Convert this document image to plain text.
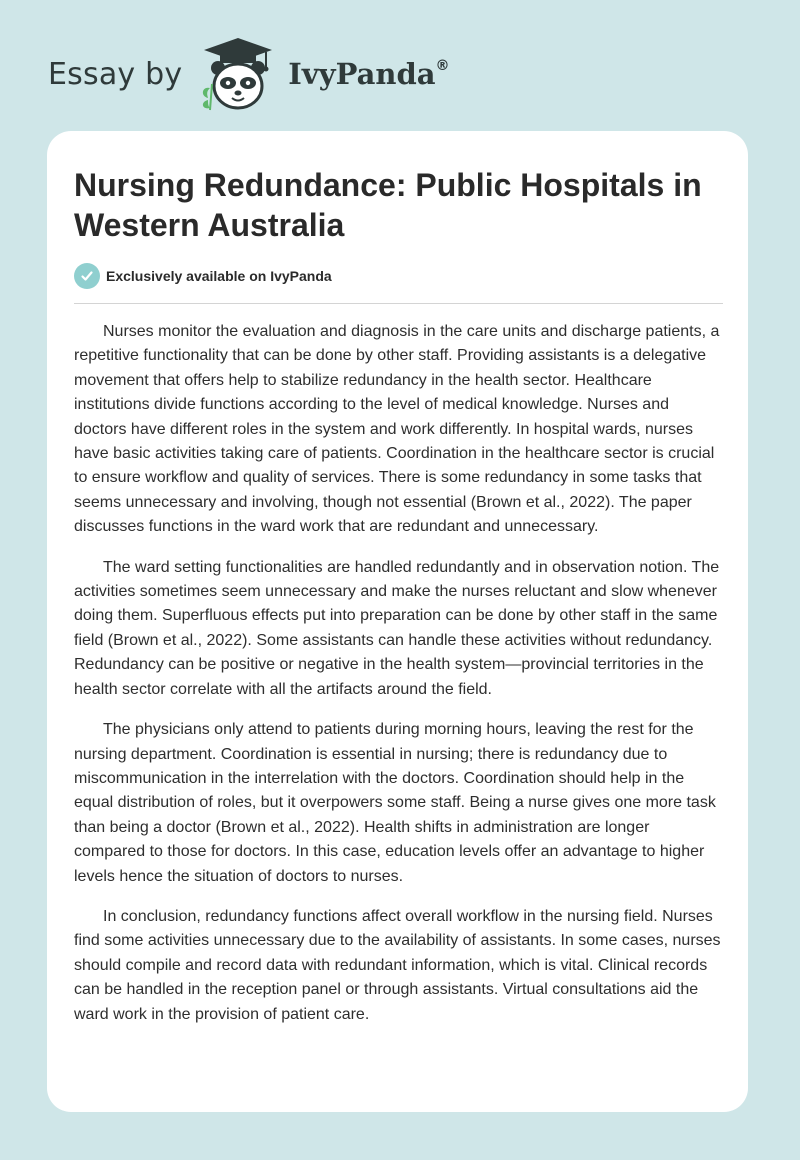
Essay by	IvyPanda®
Nursing Redundance: Public Hospitals in Western Australia
Exclusively available on IvyPanda

Nurses monitor the evaluation and diagnosis in the care units and discharge patients, a repetitive functionality that can be done by other staff. Providing assistants is a delegative movement that offers help to stabilize redundancy in the health sector. Healthcare institutions divide functions according to the level of medical knowledge. Nurses and doctors have different roles in the system and work differently. In hospital wards, nurses have basic activities taking care of patients. Coordination in the healthcare sector is crucial to ensure workflow and quality of services. There is some redundancy in some tasks that seems unnecessary and involving, though not essential (Brown et al., 2022). The paper discusses functions in the ward work that are redundant and unnecessary.

The ward setting functionalities are handled redundantly and in observation notion. The activities sometimes seem unnecessary and make the nurses reluctant and slow whenever doing them. Superfluous effects put into preparation can be done by other staff in the same field (Brown et al., 2022). Some assistants can handle these activities without redundancy. Redundancy can be positive or negative in the health system—provincial territories in the health sector correlate with all the artifacts around the field.

The physicians only attend to patients during morning hours, leaving the rest for the nursing department. Coordination is essential in nursing; there is redundancy due to miscommunication in the interrelation with the doctors. Coordination should help in the equal distribution of roles, but it overpowers some staff. Being a nurse gives one more task than being a doctor (Brown et al., 2022). Health shifts in administration are longer compared to those for doctors. In this case, education levels offer an advantage to higher levels hence the situation of doctors to nurses.

In conclusion, redundancy functions affect overall workflow in the nursing field. Nurses find some activities unnecessary due to the availability of assistants. In some cases, nurses should compile and record data with redundant information, which is vital. Clinical records can be handled in the reception panel or through assistants. Virtual consultations aid the ward work in the provision of patient care.
